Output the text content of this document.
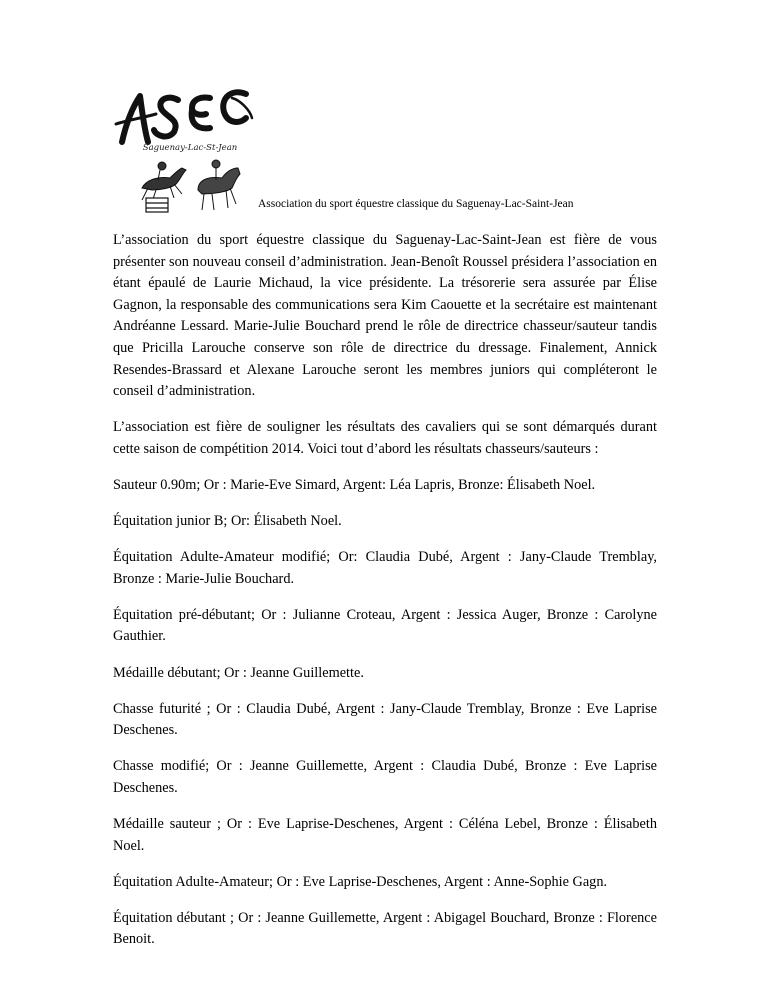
Saguenay-Lac-St-Jean
Association du sport équestre classique du Saguenay-Lac-Saint-Jean

L’association du sport équestre classique du Saguenay-Lac-Saint-Jean est fière de vous présenter son nouveau conseil d’administration. Jean-Benoît Roussel présidera l’association en étant épaulé de Laurie Michaud, la vice présidente. La trésorerie sera assurée par Élise Gagnon, la responsable des communications sera Kim Caouette et la secrétaire est maintenant Andréanne Lessard. Marie-Julie Bouchard prend le rôle de directrice chasseur/sauteur tandis que Pricilla Larouche conserve son rôle de directrice du dressage. Finalement, Annick Resendes-Brassard et Alexane Larouche seront les membres juniors qui compléteront le conseil d’administration.

L’association est fière de souligner les résultats des cavaliers qui se sont démarqués durant cette saison de compétition 2014. Voici tout d’abord les résultats chasseurs/sauteurs :

Sauteur 0.90m; Or : Marie-Eve Simard, Argent: Léa Lapris, Bronze: Élisabeth Noel.

Équitation junior B; Or: Élisabeth Noel.

Équitation Adulte-Amateur modifié; Or: Claudia Dubé, Argent : Jany-Claude Tremblay, Bronze : Marie-Julie Bouchard.

Équitation pré-débutant; Or : Julianne Croteau, Argent : Jessica Auger, Bronze : Carolyne Gauthier.

Médaille débutant; Or : Jeanne Guillemette.

Chasse futurité ; Or : Claudia Dubé, Argent : Jany-Claude Tremblay, Bronze : Eve Laprise Deschenes.

Chasse modifié; Or : Jeanne Guillemette, Argent : Claudia Dubé, Bronze : Eve Laprise Deschenes.

Médaille sauteur ; Or : Eve Laprise-Deschenes, Argent : Céléna Lebel, Bronze : Élisabeth Noel.

Équitation Adulte-Amateur; Or : Eve Laprise-Deschenes, Argent : Anne-Sophie Gagn.

Équitation débutant ; Or : Jeanne Guillemette, Argent : Abigagel Bouchard, Bronze : Florence Benoit.
